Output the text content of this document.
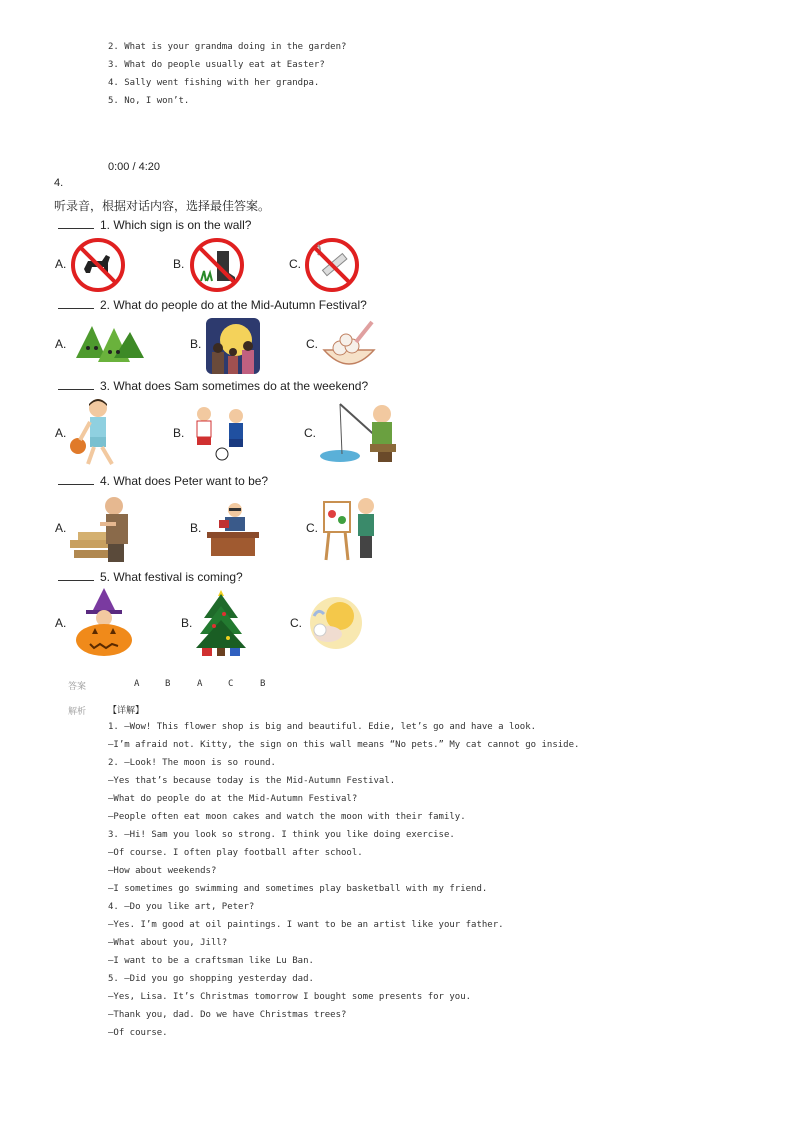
2. What is your grandma doing in the garden?
3. What do people usually eat at Easter?
4. Sally went fishing with her grandpa.
5. No, I won’t.
0:00 / 4:20
4.
听录音，根据对话内容，选择最佳答案。
1. Which sign is on the wall?
A.	B.	C.
2. What do people do at the Mid-Autumn Festival?
A.	B.	C.
3. What does Sam sometimes do at the weekend?
A.	B.	C.
4. What does Peter want to be?
A.	B.	C.
5. What festival is coming?
A.	B.	C.
答案	A	B	A	C	B
解析 【详解】
1. —Wow! This flower shop is big and beautiful. Edie, let’s go and have a look.
—I’m afraid not. Kitty, the sign on this wall means “No pets.” My cat cannot go inside.
2. —Look! The moon is so round.
—Yes that’s because today is the Mid-Autumn Festival.
—What do people do at the Mid-Autumn Festival?
—People often eat moon cakes and watch the moon with their family.
3. —Hi! Sam you look so strong. I think you like doing exercise.
—Of course. I often play football after school.
—How about weekends?
—I sometimes go swimming and sometimes play basketball with my friend.
4. —Do you like art, Peter?
—Yes. I’m good at oil paintings. I want to be an artist like your father.
—What about you, Jill?
—I want to be a craftsman like Lu Ban.
5. —Did you go shopping yesterday dad.
—Yes, Lisa. It’s Christmas tomorrow I bought some presents for you.
—Thank you, dad. Do we have Christmas trees?
—Of course.
